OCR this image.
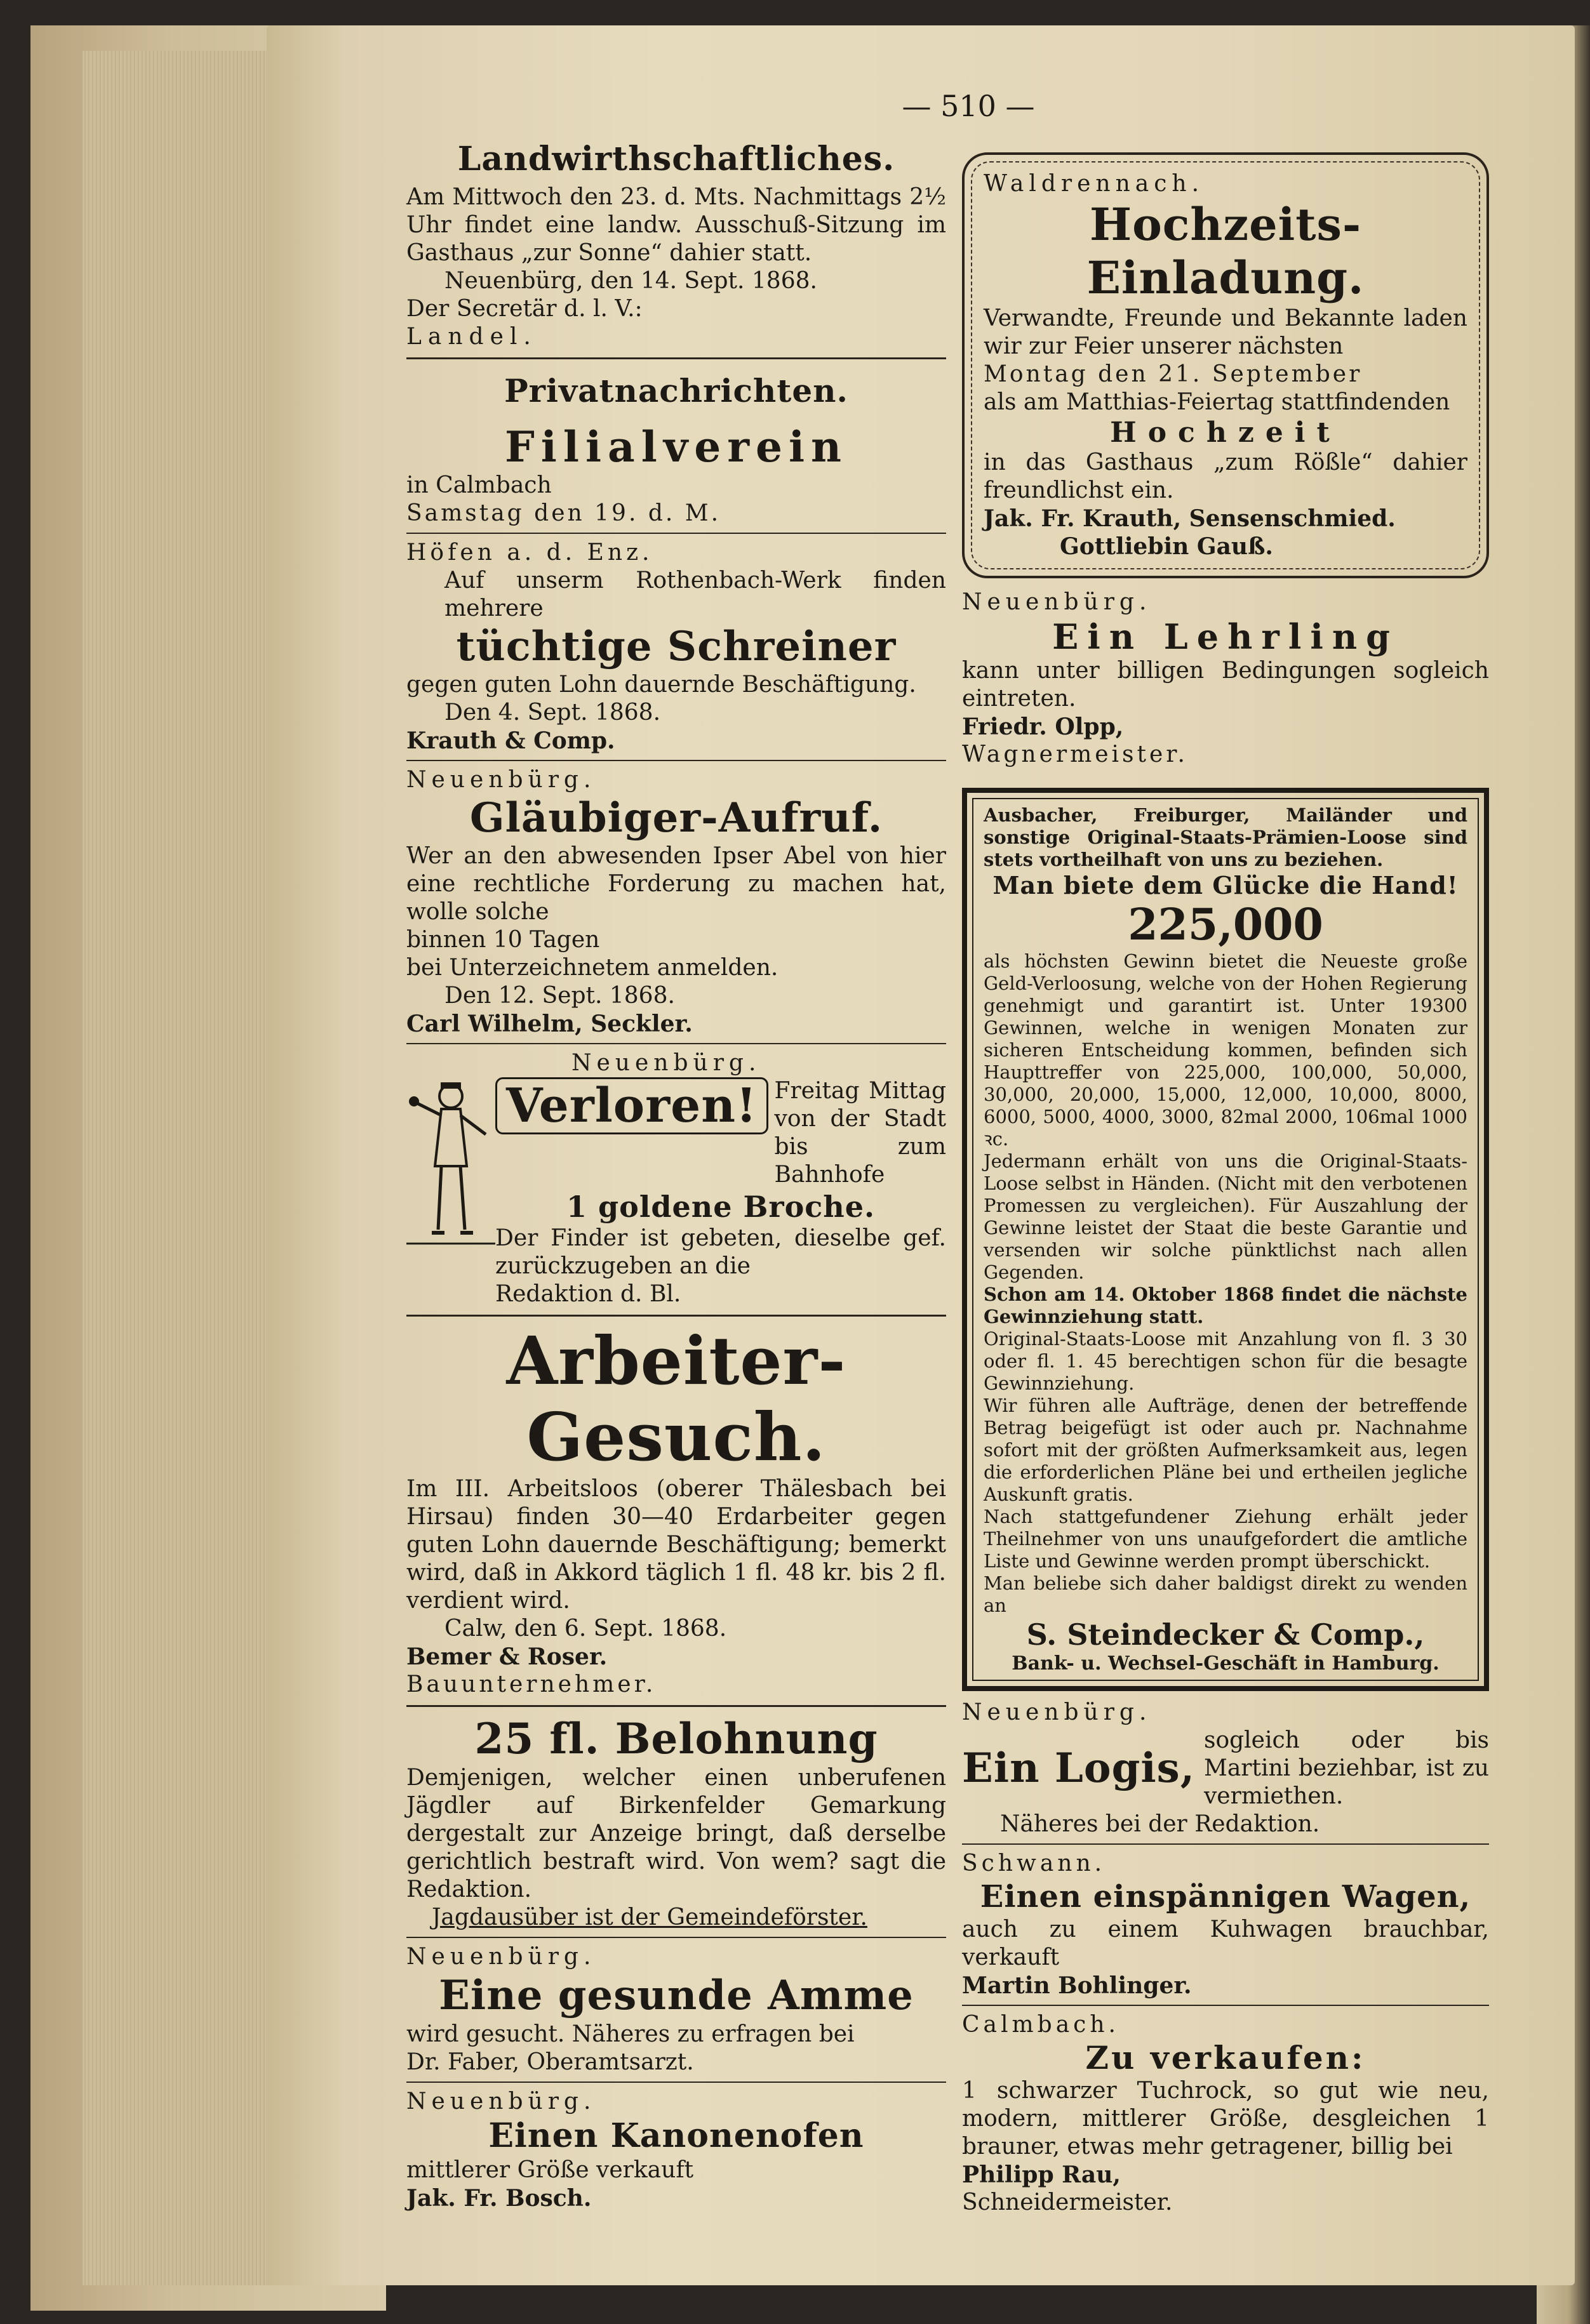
— 510 —
Landwirthschaftliches.

Am Mittwoch den 23. d. Mts. Nachmittags 2½ Uhr findet eine landw. Ausschuß-Sitzung im Gasthaus „zur Sonne“ dahier statt.

Neuenbürg, den 14. Sept. 1868.

Der Secretär d. l. V.:

Landel.

Privatnachrichten.
Filialverein

in Calmbach

Samstag den 19. d. M.

Höfen a. d. Enz.

Auf unserm Rothenbach-Werk finden mehrere

tüchtige Schreiner

gegen guten Lohn dauernde Beschäftigung.

Den 4. Sept. 1868.

Krauth & Comp.

Neuenbürg.

Gläubiger-Aufruf.

Wer an den abwesenden Ipser Abel von hier eine rechtliche Forderung zu machen hat, wolle solche

binnen 10 Tagen

bei Unterzeichnetem anmelden.

Den 12. Sept. 1868.

Carl Wilhelm, Seckler.

Neuenbürg.

Verloren! Freitag Mittag von der Stadt bis zum Bahnhofe

1 goldene Broche.

Der Finder ist gebeten, dieselbe gef. zurückzugeben an die

Redaktion d. Bl.

Arbeiter-Gesuch.

Im III. Arbeitsloos (oberer Thälesbach bei Hirsau) finden 30—40 Erdarbeiter gegen guten Lohn dauernde Beschäftigung; bemerkt wird, daß in Akkord täglich 1 fl. 48 kr. bis 2 fl. verdient wird.

Calw, den 6. Sept. 1868.

Bemer & Roser.

Bauunternehmer.

25 fl. Belohnung

Demjenigen, welcher einen unberufenen Jägdler auf Birkenfelder Gemarkung dergestalt zur Anzeige bringt, daß derselbe gerichtlich bestraft wird. Von wem? sagt die Redaktion.

Jagdausüber ist der Gemeindeförster.

Neuenbürg.

Eine gesunde Amme

wird gesucht. Näheres zu erfragen bei

Dr. Faber, Oberamtsarzt.

Neuenbürg.

Einen Kanonenofen

mittlerer Größe verkauft

Jak. Fr. Bosch.

Waldrennach.

Hochzeits-Einladung.

Verwandte, Freunde und Bekannte laden wir zur Feier unserer nächsten

Montag den 21. September

als am Matthias-Feiertag stattfindenden

Hochzeit

in das Gasthaus „zum Rößle“ dahier freundlichst ein.

Jak. Fr. Krauth, Sensenschmied.

Gottliebin Gauß.

Neuenbürg.

Ein Lehrling

kann unter billigen Bedingungen sogleich eintreten.

Friedr. Olpp,

Wagnermeister.

Ausbacher, Freiburger, Mailänder und sonstige Original-Staats-Prämien-Loose sind stets vortheilhaft von uns zu beziehen.

Man biete dem Glücke die Hand!
225,000

als höchsten Gewinn bietet die Neueste große Geld-Verloosung, welche von der Hohen Regierung genehmigt und garantirt ist. Unter 19300 Gewinnen, welche in wenigen Monaten zur sicheren Entscheidung kommen, befinden sich Haupttreffer von 225,000, 100,000, 50,000, 30,000, 20,000, 15,000, 12,000, 10,000, 8000, 6000, 5000, 4000, 3000, 82mal 2000, 106mal 1000 ꝛc.

Jedermann erhält von uns die Original-Staats-Loose selbst in Händen. (Nicht mit den verbotenen Promessen zu vergleichen). Für Auszahlung der Gewinne leistet der Staat die beste Garantie und versenden wir solche pünktlichst nach allen Gegenden.

Schon am 14. Oktober 1868 findet die nächste Gewinnziehung statt.

Original-Staats-Loose mit Anzahlung von fl. 3 30 oder fl. 1. 45 berechtigen schon für die besagte Gewinnziehung.

Wir führen alle Aufträge, denen der betreffende Betrag beigefügt ist oder auch pr. Nachnahme sofort mit der größten Aufmerksamkeit aus, legen die erforderlichen Pläne bei und ertheilen jegliche Auskunft gratis.

Nach stattgefundener Ziehung erhält jeder Theilnehmer von uns unaufgefordert die amtliche Liste und Gewinne werden prompt überschickt.

Man beliebe sich daher baldigst direkt zu wenden an

S. Steindecker & Comp.,
Bank- u. Wechsel-Geschäft in Hamburg.

Neuenbürg.

Ein Logis,

sogleich oder bis Martini beziehbar, ist zu vermiethen.

Näheres bei der Redaktion.

Schwann.

Einen einspännigen Wagen,

auch zu einem Kuhwagen brauchbar, verkauft

Martin Bohlinger.

Calmbach.

Zu verkaufen:

1 schwarzer Tuchrock, so gut wie neu, modern, mittlerer Größe, desgleichen 1 brauner, etwas mehr getragener, billig bei

Philipp Rau,

Schneidermeister.
